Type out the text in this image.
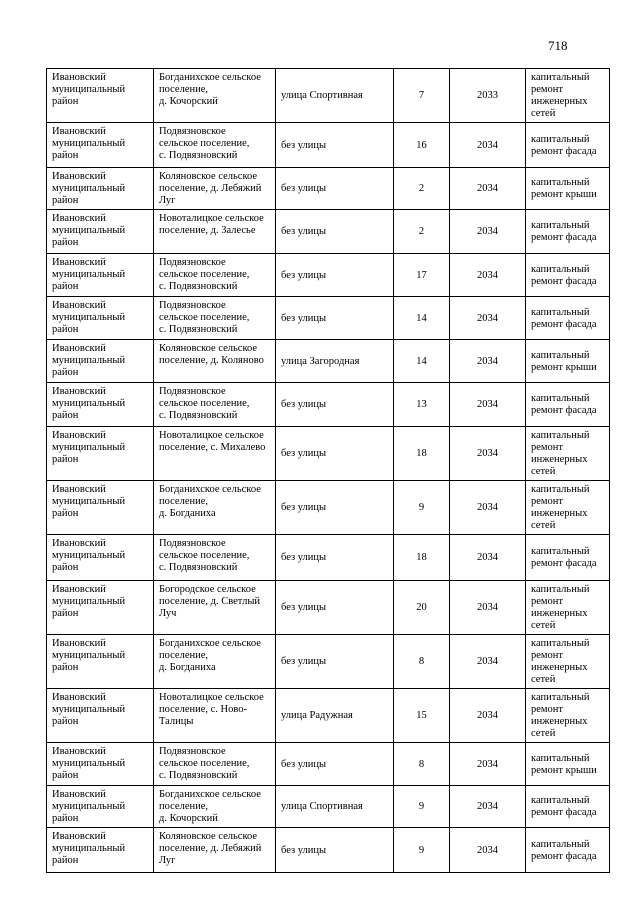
718
Ивановский
муниципальный
район	Богданихское сельское
поселение,
д. Кочорский	улица Спортивная	7	2033	капитальный
ремонт
инженерных
сетей

Ивановский
муниципальный
район	Подвязновское
сельское поселение,
с. Подвязновский	без улицы	16	2034	капитальный
ремонт фасада

Ивановский
муниципальный
район	Коляновское сельское
поселение, д. Лебяжий
Луг	без улицы	2	2034	капитальный
ремонт крыши

Ивановский
муниципальный
район	Новоталицкое сельское
поселение, д. Залесье	без улицы	2	2034	капитальный
ремонт фасада

Ивановский
муниципальный
район	Подвязновское
сельское поселение,
с. Подвязновский	без улицы	17	2034	капитальный
ремонт фасада

Ивановский
муниципальный
район	Подвязновское
сельское поселение,
с. Подвязновский	без улицы	14	2034	капитальный
ремонт фасада

Ивановский
муниципальный
район	Коляновское сельское
поселение, д. Коляново	улица Загородная	14	2034	капитальный
ремонт крыши

Ивановский
муниципальный
район	Подвязновское
сельское поселение,
с. Подвязновский	без улицы	13	2034	капитальный
ремонт фасада

Ивановский
муниципальный
район	Новоталицкое сельское
поселение, с. Михалево	без улицы	18	2034	капитальный
ремонт
инженерных
сетей

Ивановский
муниципальный
район	Богданихское сельское
поселение,
д. Богданиха	без улицы	9	2034	капитальный
ремонт
инженерных
сетей

Ивановский
муниципальный
район	Подвязновское
сельское поселение,
с. Подвязновский	без улицы	18	2034	капитальный
ремонт фасада

Ивановский
муниципальный
район	Богородское сельское
поселение, д. Светлый
Луч	без улицы	20	2034	капитальный
ремонт
инженерных
сетей

Ивановский
муниципальный
район	Богданихское сельское
поселение,
д. Богданиха	без улицы	8	2034	капитальный
ремонт
инженерных
сетей

Ивановский
муниципальный
район	Новоталицкое сельское
поселение, с. Ново-
Талицы	улица Радужная	15	2034	капитальный
ремонт
инженерных
сетей

Ивановский
муниципальный
район	Подвязновское
сельское поселение,
с. Подвязновский	без улицы	8	2034	капитальный
ремонт крыши

Ивановский
муниципальный
район	Богданихское сельское
поселение,
д. Кочорский	улица Спортивная	9	2034	капитальный
ремонт фасада

Ивановский
муниципальный
район	Коляновское сельское
поселение, д. Лебяжий
Луг	без улицы	9	2034	капитальный
ремонт фасада
